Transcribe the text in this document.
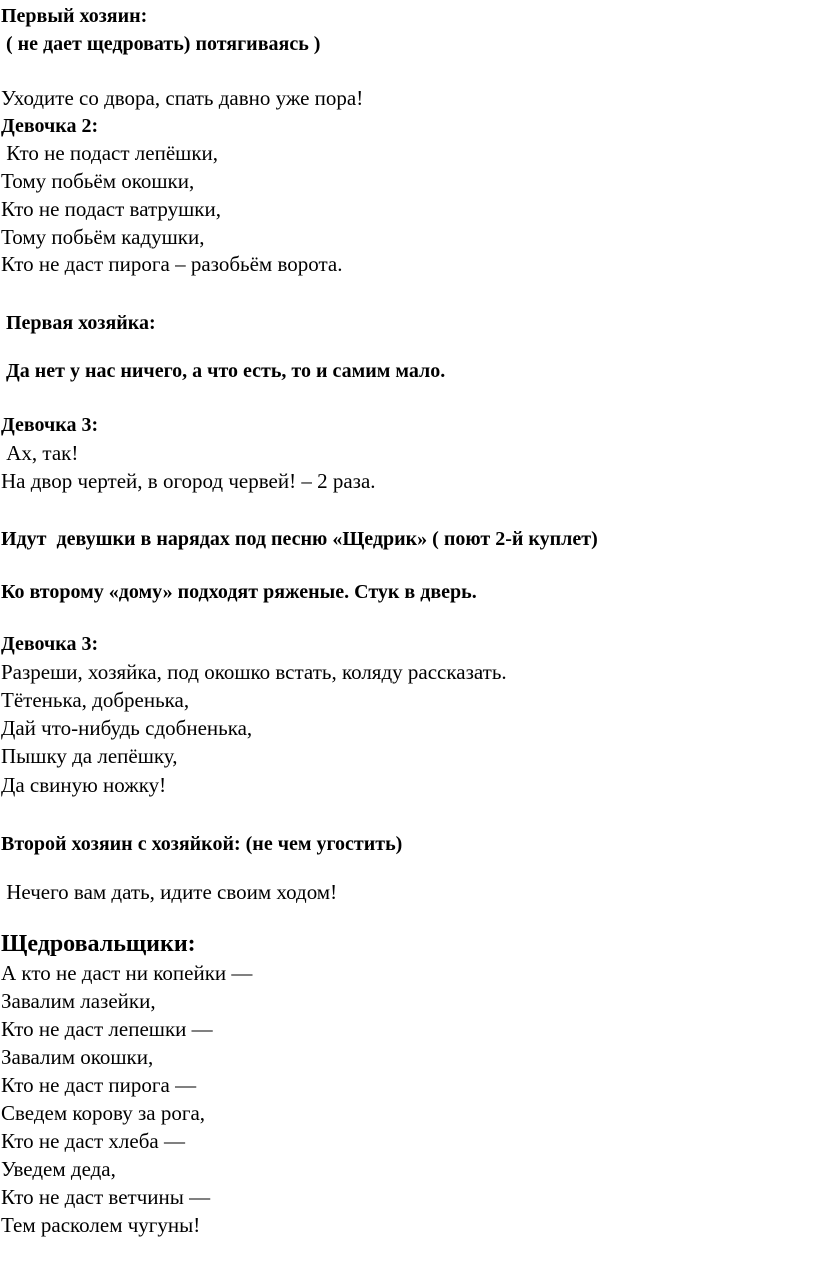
Первый хозяин:

( не дает щедровать) потягиваясь )

Уходите со двора, спать давно уже пора!

Девочка 2:

Кто не подаст лепёшки,

Тому побьём окошки,

Кто не подаст ватрушки,

Тому побьём кадушки,

Кто не даст пирога – разобьём ворота.

Первая хозяйка:

Да нет у нас ничего, а что есть, то и самим мало.

Девочка 3:

Ах, так!

На двор чертей, в огород червей! – 2 раза.

Идут  девушки в нарядах под песню «Щедрик» ( поют 2-й куплет)

Ко второму «дому» подходят ряженые. Стук в дверь.

Девочка 3:

Разреши, хозяйка, под окошко встать, коляду рассказать.

Тётенька, добренька,

Дай что-нибудь сдобненька,

Пышку да лепёшку,

Да свиную ножку!

Второй хозяин с хозяйкой: (не чем угостить)

Нечего вам дать, идите своим ходом!

Щедровальщики:

А кто не даст ни копейки —

Завалим лазейки,

Кто не даст лепешки —

Завалим окошки,

Кто не даст пирога —

Сведем корову за рога,

Кто не даст хлеба —

Уведем деда,

Кто не даст ветчины —

Тем расколем чугуны!
